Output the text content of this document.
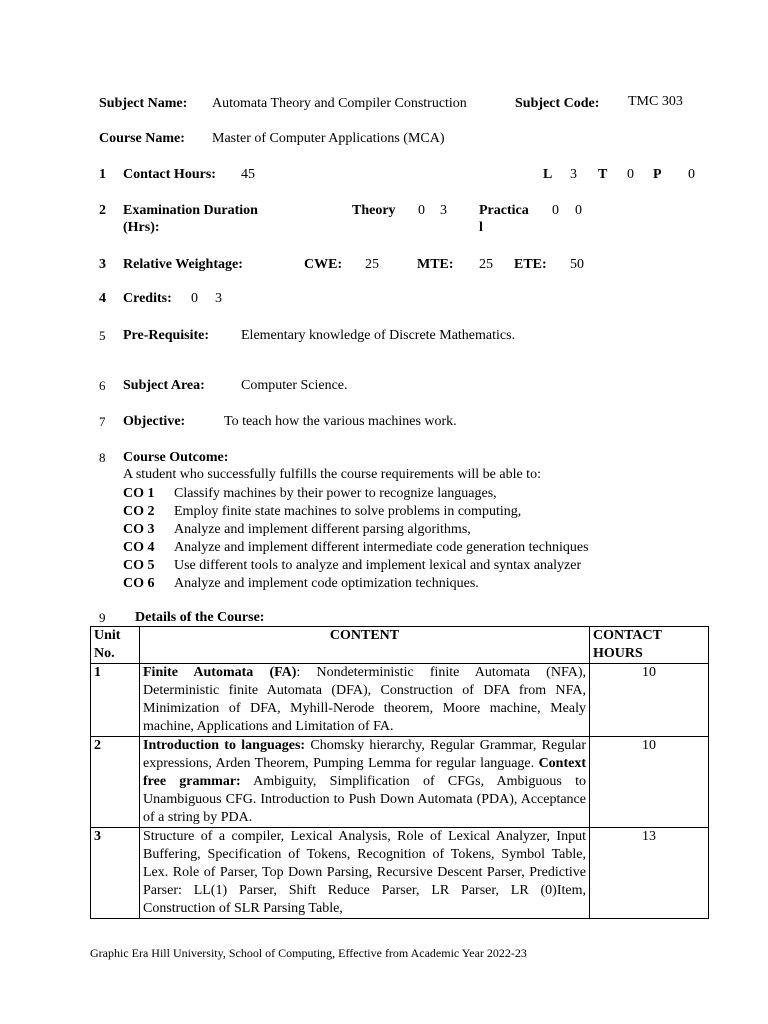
Subject Name: Automata Theory and Compiler Construction	Subject Code: TMC 303
Course Name: Master of Computer Applications (MCA)
1 Contact Hours: 45	L 3 T 0 P 0
2 Examination Duration
(Hrs):
Theory 0 3 Practica
l
0 0
3 Relative Weightage:	CWE: 25	MTE: 25 ETE: 50
4 Credits: 0 3
5 Pre-Requisite: Elementary knowledge of Discrete Mathematics.
6 Subject Area:	Computer Science.
7 Objective:	To teach how the various machines work.
8 Course Outcome:
A student who successfully fulfills the course requirements will be able to:
CO 1 Classify machines by their power to recognize languages,
CO 2 Employ finite state machines to solve problems in computing,
CO 3 Analyze and implement different parsing algorithms,
CO 4 Analyze and implement different intermediate code generation techniques
CO 5 Use different tools to analyze and implement lexical and syntax analyzer
CO 6 Analyze and implement code optimization techniques.
9 Details of the Course:
Unit No.	CONTENT	CONTACT HOURS
1	Finite Automata (FA): Nondeterministic finite Automata (NFA), Deterministic finite Automata (DFA), Construction of DFA from NFA, Minimization of DFA, Myhill-Nerode theorem, Moore machine, Mealy machine, Applications and Limitation of FA.	10
2	Introduction to languages: Chomsky hierarchy, Regular Grammar, Regular expressions, Arden Theorem, Pumping Lemma for regular language. Context free grammar: Ambiguity, Simplification of CFGs, Ambiguous to Unambiguous CFG. Introduction to Push Down Automata (PDA), Acceptance of a string by PDA.	10
3	Structure of a compiler, Lexical Analysis, Role of Lexical Analyzer, Input Buffering, Specification of Tokens, Recognition of Tokens, Symbol Table, Lex. Role of Parser, Top Down Parsing, Recursive Descent Parser, Predictive Parser: LL(1) Parser, Shift Reduce Parser, LR Parser, LR (0)Item, Construction of SLR Parsing Table,	13
Graphic Era Hill University, School of Computing, Effective from Academic Year 2022-23
